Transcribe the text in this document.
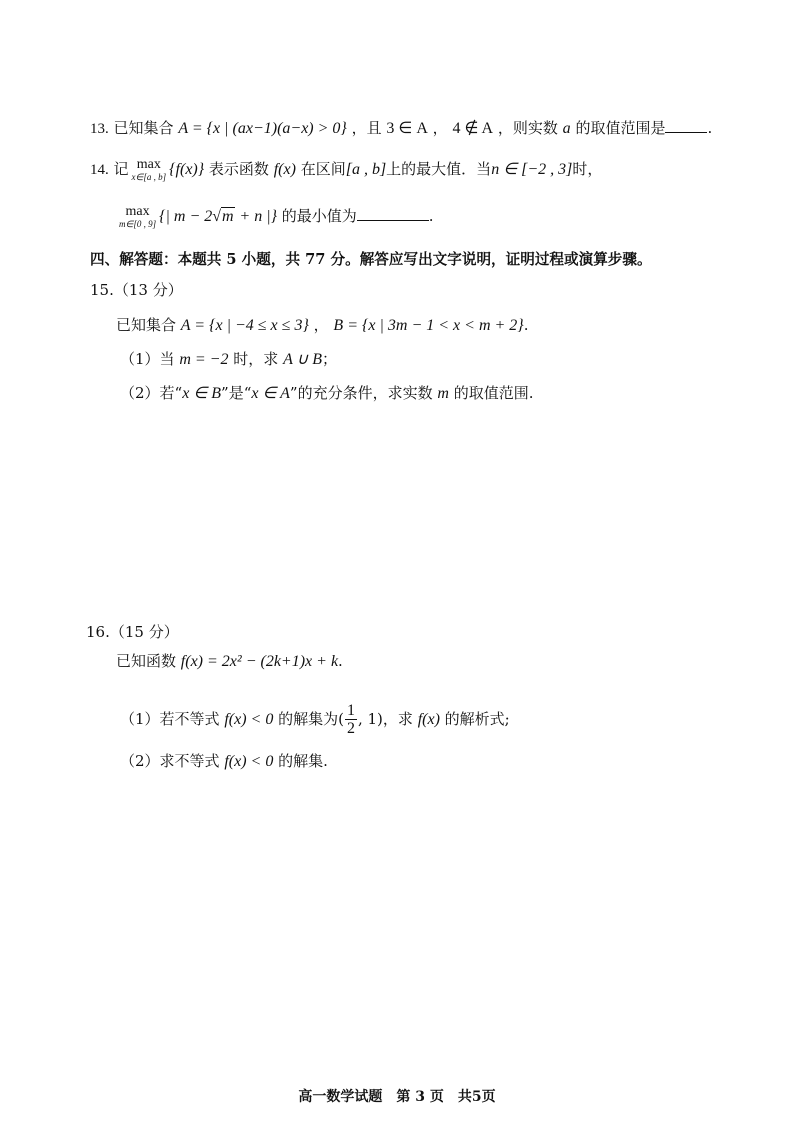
13. 已知集合 A = {x | (ax−1)(a−x) > 0} ，且 3 ∈ A ， 4 ∉ A ，则实数 a 的取值范围是	.
14. 记 max
x∈[a , b] {f(x)} 表示函数 f(x) 在区间[a , b]上的最大值．当n ∈ [−2 , 3]时，
max
m∈[0 , 9] {| m − 2√m + n |} 的最小值为	.
四、解答题：本题共 5 小题，共 77 分。解答应写出文字说明，证明过程或演算步骤。
15.（13 分）
已知集合 A = {x | −4 ≤ x ≤ 3} ， B = {x | 3m − 1 < x < m + 2}.
（1）当 m = −2 时，求 A ∪ B；
（2）若“x ∈ B”是“x ∈ A”的充分条件，求实数 m 的取值范围.
16.（15 分）
已知函数 f(x) = 2x² − (2k+1)x + k.
（1）若不等式 f(x) < 0 的解集为( $\frac{1}{2}$ , 1)，求 f(x) 的解析式;
（2）求不等式 f(x) < 0 的解集.
高一数学试题　第 3 页　共5页
